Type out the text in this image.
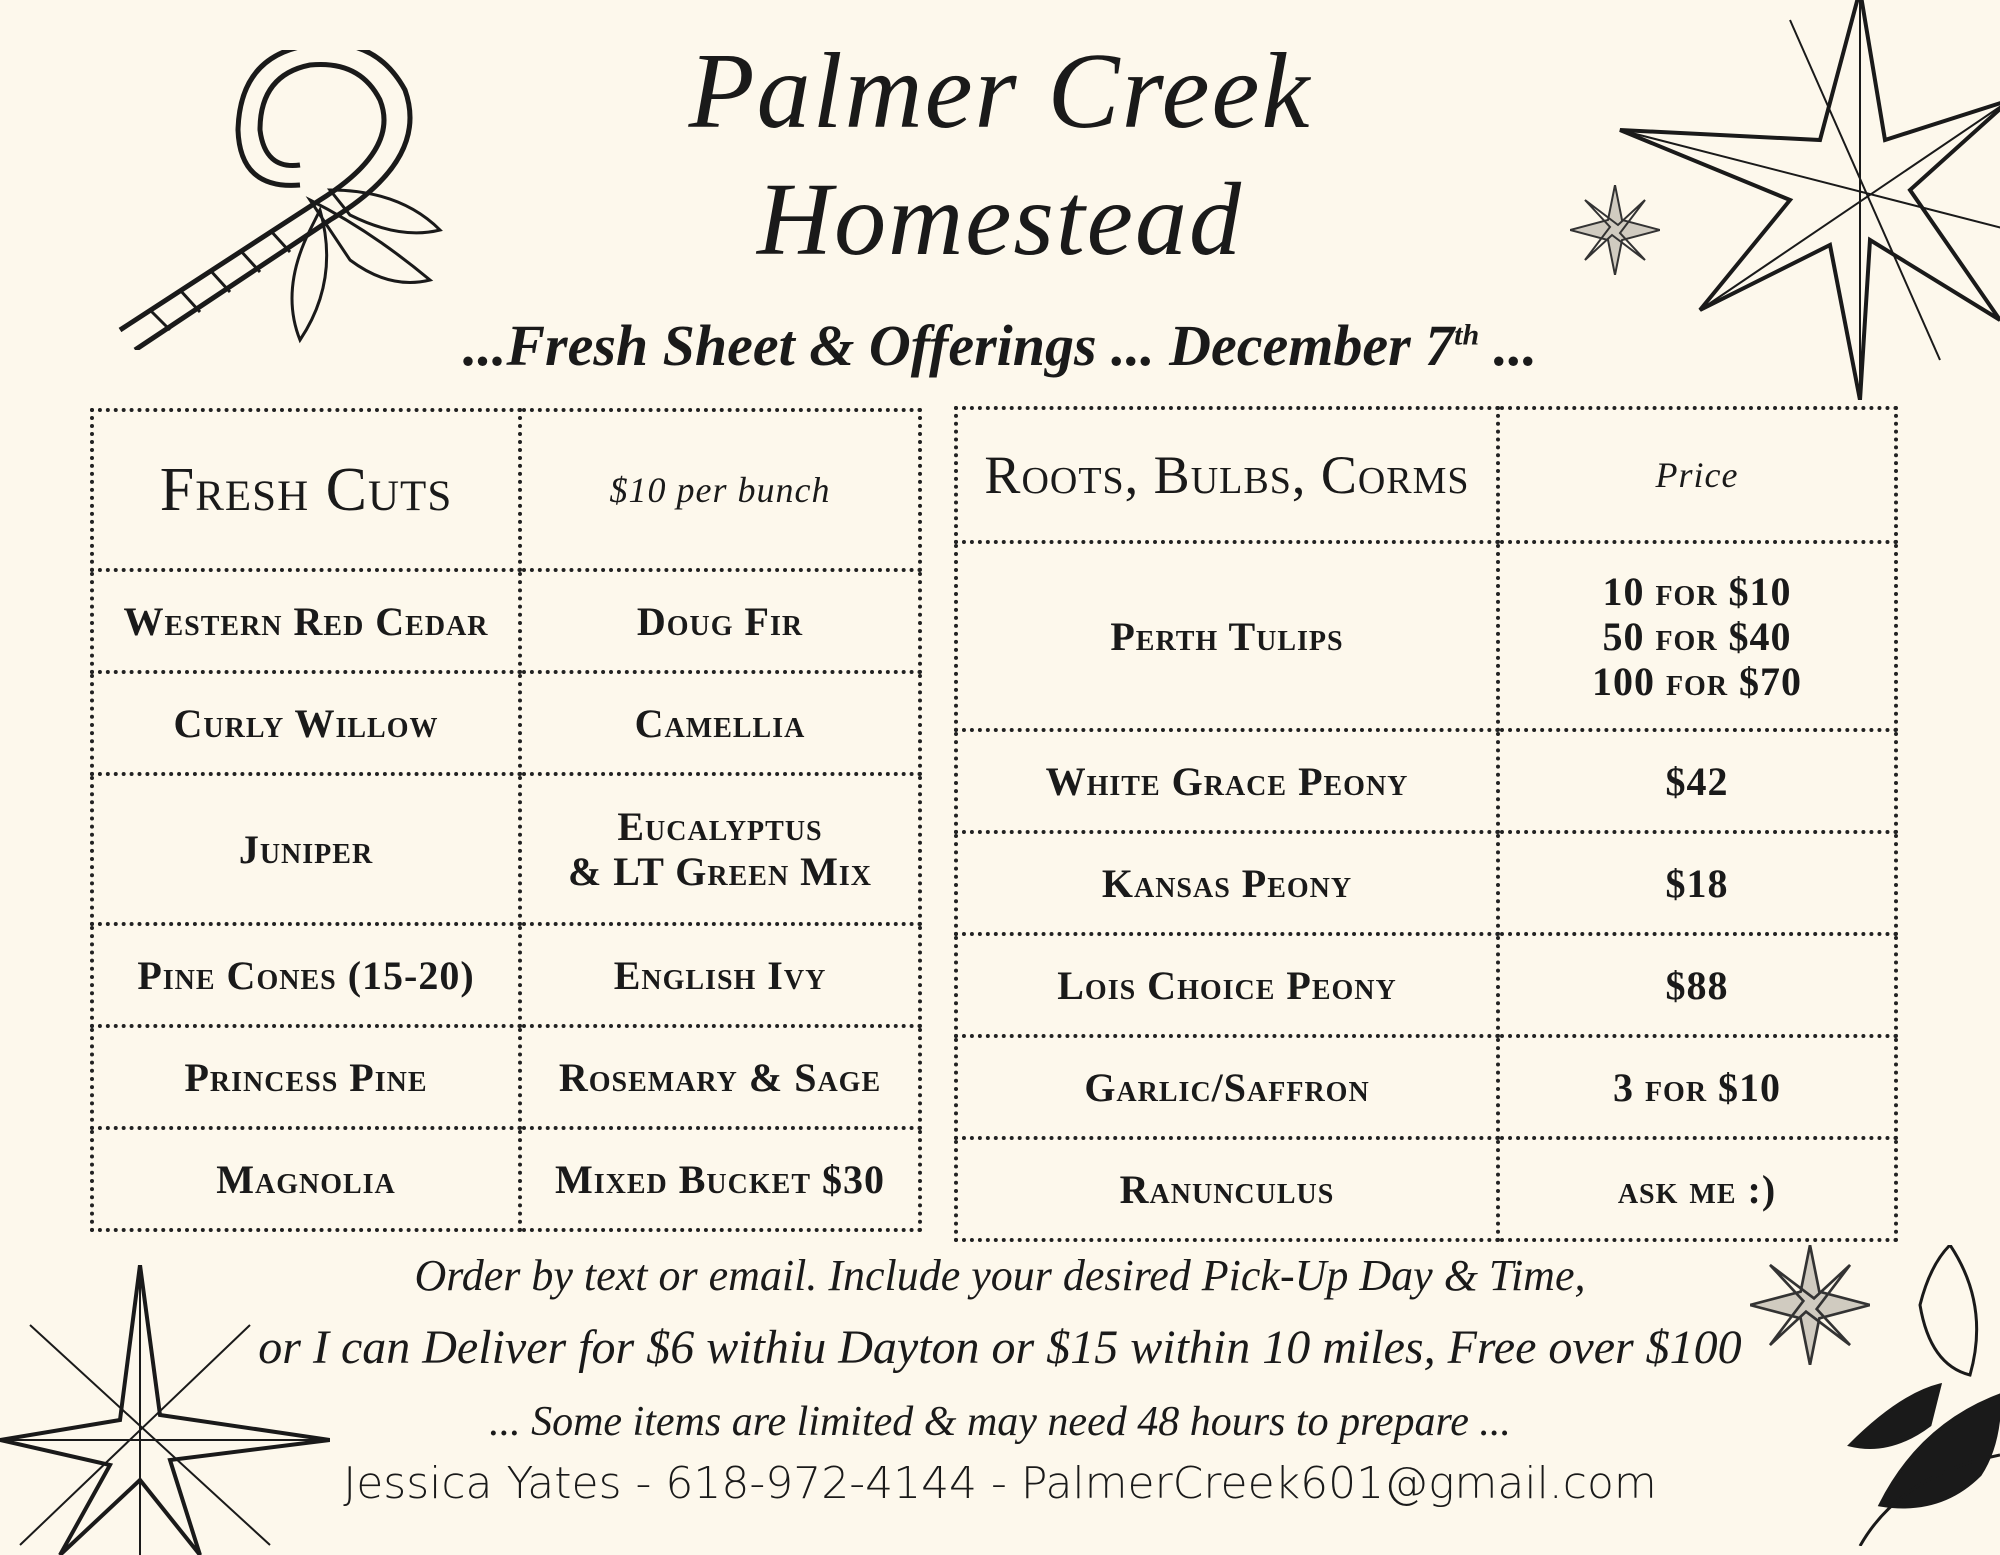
Palmer Creek
Homestead
...Fresh Sheet & Offerings ... December 7th ...
Fresh Cuts	$10 per bunch
Western Red Cedar	Doug Fir
Curly Willow	Camellia
Juniper	Eucalyptus
& LT Green Mix

Pine Cones (15-20)	English Ivy
Princess Pine	Rosemary & Sage
Magnolia	Mixed Bucket $30
Roots, Bulbs, Corms	Price
Perth Tulips	10 for $10
50 for $40
100 for $70

White Grace Peony	$42
Kansas Peony	$18
Lois Choice Peony	$88
Garlic/Saffron	3 for $10
Ranunculus	ask me :)
Order by text or email. Include your desired Pick-Up Day & Time,
or I can Deliver for $6 withiu Dayton or $15 within 10 miles, Free over $100
... Some items are limited & may need 48 hours to prepare ...
Jessica Yates - 618-972-4144 - PalmerCreek601@gmail.com
